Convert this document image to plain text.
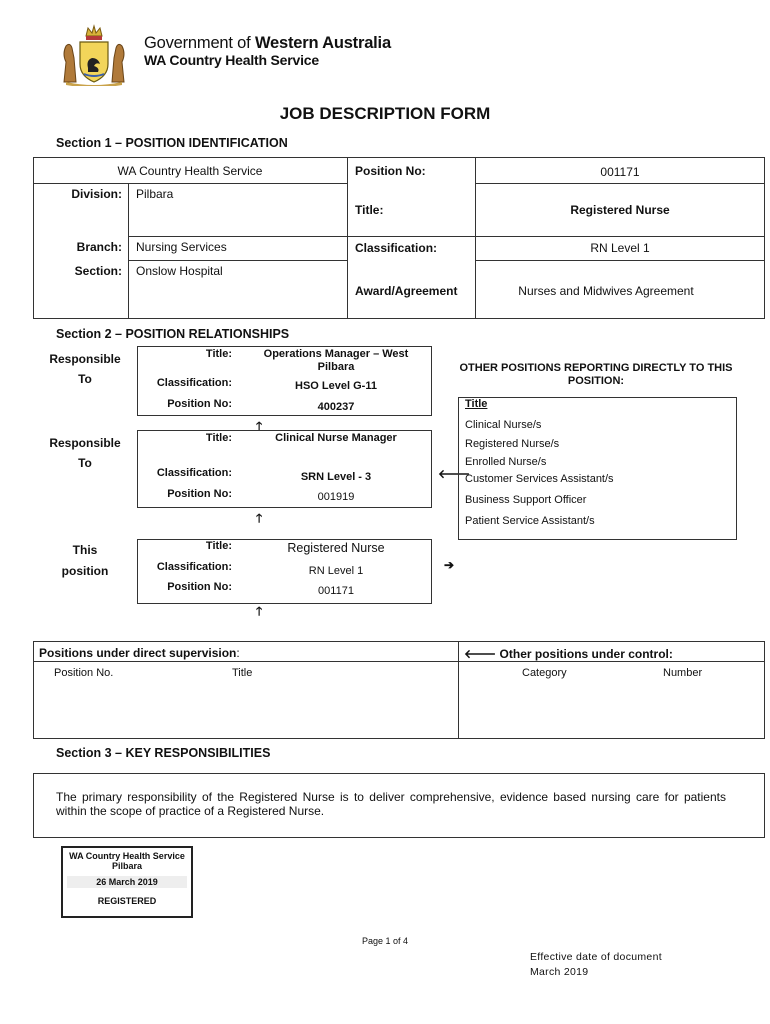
Government of Western Australia
WA Country Health Service
JOB DESCRIPTION FORM
Section 1 – POSITION IDENTIFICATION
WA Country Health Service
Division: Pilbara
Branch: Nursing Services
Section: Onslow Hospital
Position No:	001171
Title:	Registered Nurse
Classification:	RN Level 1
Award/Agreement	Nurses and Midwives Agreement
Section 2 – POSITION RELATIONSHIPS
Responsible
To
Responsible
To
This
position
Title:	Operations Manager – West Pilbara
Classification:	HSO Level G-11
Position No:	400237
🡑
Title:	Clinical Nurse Manager
Classification:	SRN Level - 3
Position No:	001919
🡐
🡑
Title:	Registered Nurse
Classification:	RN Level 1
Position No:	001171
➔
🡑
OTHER POSITIONS REPORTING DIRECTLY TO THIS POSITION:
Title
Clinical Nurse/s
Registered Nurse/s
Enrolled Nurse/s
Customer Services Assistant/s
Business Support Officer
Patient Service Assistant/s
Positions under direct supervision:
Position No.	Title
🡐 Other positions under control:
Category	Number
Section 3 – KEY RESPONSIBILITIES
The primary responsibility of the Registered Nurse is to deliver comprehensive, evidence based nursing care for patients within the scope of practice of a Registered Nurse.
WA Country Health Service
Pilbara
26 March 2019
REGISTERED
Page 1 of 4
Effective date of document
March 2019
